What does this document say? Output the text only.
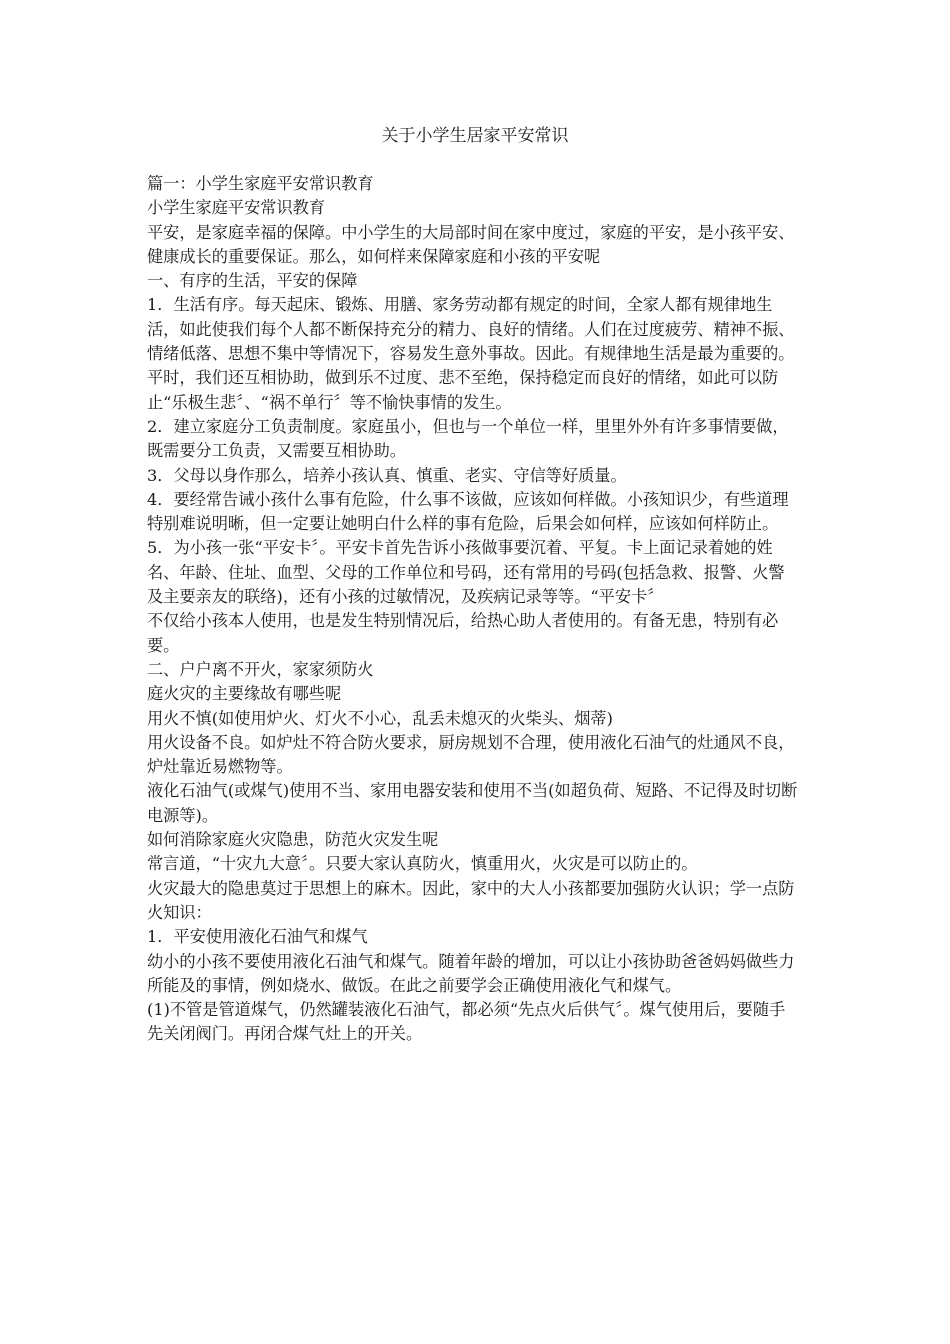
关于小学生居家平安常识

篇一：小学生家庭平安常识教育

小学生家庭平安常识教育

平安，是家庭幸福的保障。中小学生的大局部时间在家中度过，家庭的平安，是小孩平安、健康成长的重要保证。那么，如何样来保障家庭和小孩的平安呢

一、有序的生活，平安的保障

1．生活有序。每天起床、锻炼、用膳、家务劳动都有规定的时间，全家人都有规律地生活，如此使我们每个人都不断保持充分的精力、良好的情绪。人们在过度疲劳、精神不振、情绪低落、思想不集中等情况下，容易发生意外事故。因此。有规律地生活是最为重要的。平时，我们还互相协助，做到乐不过度、悲不至绝，保持稳定而良好的情绪，如此可以防止“乐极生悲〞、“祸不单行〞等不愉快事情的发生。

2．建立家庭分工负责制度。家庭虽小，但也与一个单位一样，里里外外有许多事情要做，既需要分工负责，又需要互相协助。

3．父母以身作那么，培养小孩认真、慎重、老实、守信等好质量。

4．要经常告诫小孩什么事有危险，什么事不该做，应该如何样做。小孩知识少，有些道理特别难说明晰，但一定要让她明白什么样的事有危险，后果会如何样，应该如何样防止。

5．为小孩一张“平安卡〞。平安卡首先告诉小孩做事要沉着、平复。卡上面记录着她的姓名、年龄、住址、血型、父母的工作单位和号码，还有常用的号码(包括急救、报警、火警及主要亲友的联络)，还有小孩的过敏情况，及疾病记录等等。“平安卡〞

不仅给小孩本人使用，也是发生特别情况后，给热心助人者使用的。有备无患，特别有必要。

二、户户离不开火，家家须防火

庭火灾的主要缘故有哪些呢

用火不慎(如使用炉火、灯火不小心，乱丢未熄灭的火柴头、烟蒂)

用火设备不良。如炉灶不符合防火要求，厨房规划不合理，使用液化石油气的灶通风不良，炉灶靠近易燃物等。

液化石油气(或煤气)使用不当、家用电器安装和使用不当(如超负荷、短路、不记得及时切断电源等)。

如何消除家庭火灾隐患，防范火灾发生呢

常言道，“十灾九大意〞。只要大家认真防火，慎重用火，火灾是可以防止的。

火灾最大的隐患莫过于思想上的麻木。因此，家中的大人小孩都要加强防火认识；学一点防火知识：

1．平安使用液化石油气和煤气

幼小的小孩不要使用液化石油气和煤气。随着年龄的增加，可以让小孩协助爸爸妈妈做些力所能及的事情，例如烧水、做饭。在此之前要学会正确使用液化气和煤气。

(1)不管是管道煤气，仍然罐装液化石油气，都必须“先点火后供气〞。煤气使用后，要随手先关闭阀门。再闭合煤气灶上的开关。
